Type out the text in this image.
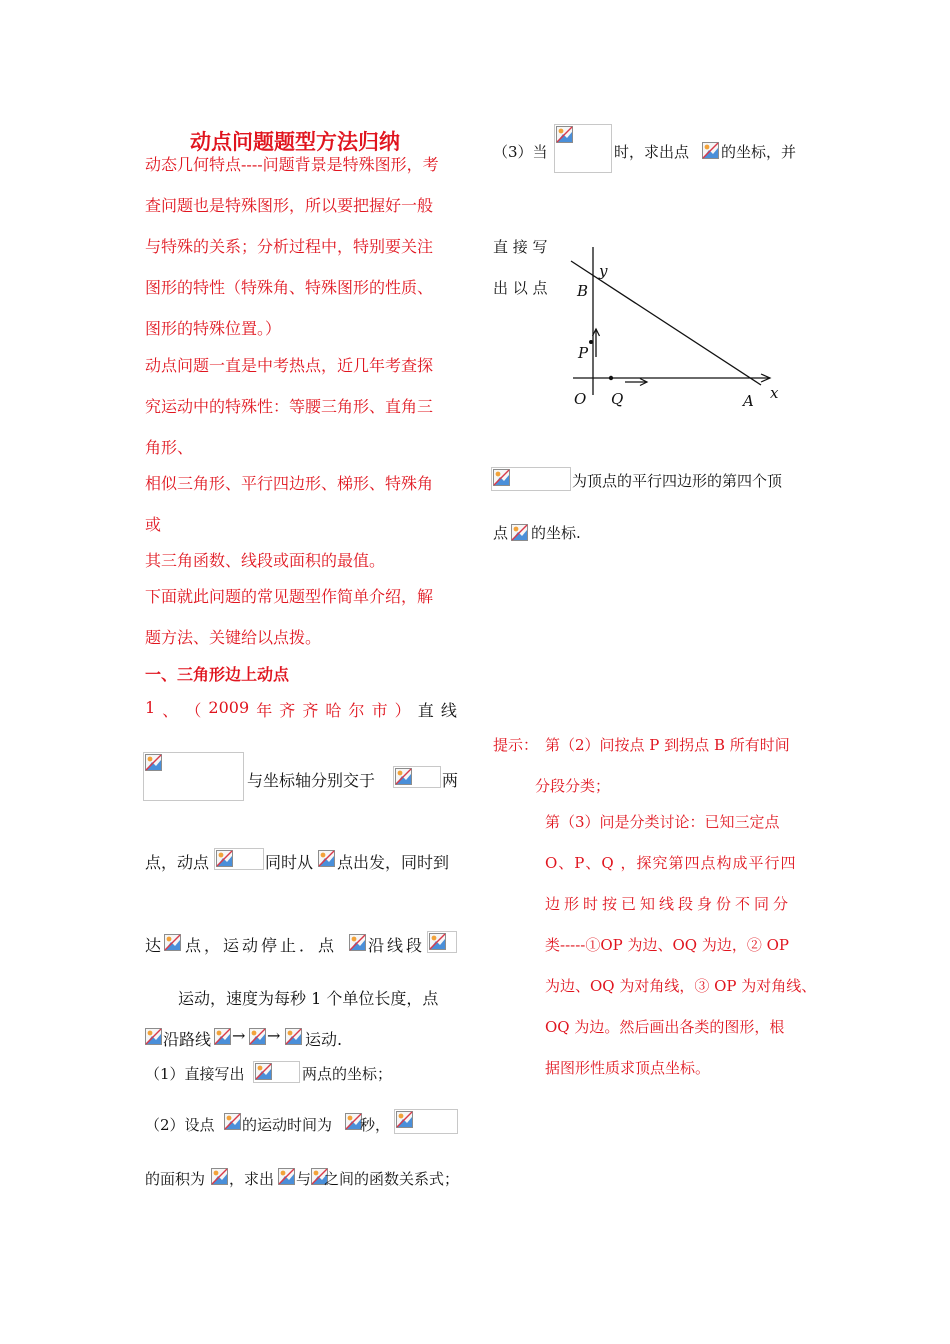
动点问题题型方法归纳
动态几何特点----问题背景是特殊图形，考
查问题也是特殊图形，所以要把握好一般
与特殊的关系；分析过程中，特别要关注
图形的特性（特殊角、特殊图形的性质、
图形的特殊位置。）
动点问题一直是中考热点，近几年考查探
究运动中的特殊性：等腰三角形、直角三
角形、
相似三角形、平行四边形、梯形、特殊角
或
其三角函数、线段或面积的最值。
下面就此问题的常见题型作简单介绍，解
题方法、关键给以点拨。
一、三角形边上动点
1 、 （ 2009 年 齐 齐 哈 尔 市 ） 直 线
与坐标轴分别交于	两
点，动点	同时从 点出发，同时到
达 点，运动停止．点 沿线段
运动，速度为每秒 1 个单位长度，点
沿路线 → → 运动.
（1）直接写出	两点的坐标；
（2）设点 的运动时间为 秒，
的面积为 ，求出 与 之间的函数关系式；
（3）当	时，求出点 的坐标，并
直 接 写
出 以 点
y
B
P
O Q	A x
为顶点的平行四边形的第四个顶
点 的坐标.
提示： 第（2）问按点 P 到拐点 B 所有时间
分段分类；
第（3）问是分类讨论：已知三定点
O、P、Q ，探究第四点构成平行四
边形时按已知线段身份不同分
类-----①OP 为边、OQ 为边，② OP
为边、OQ 为对角线，③ OP 为对角线、
OQ 为边。然后画出各类的图形，根
据图形性质求顶点坐标。
